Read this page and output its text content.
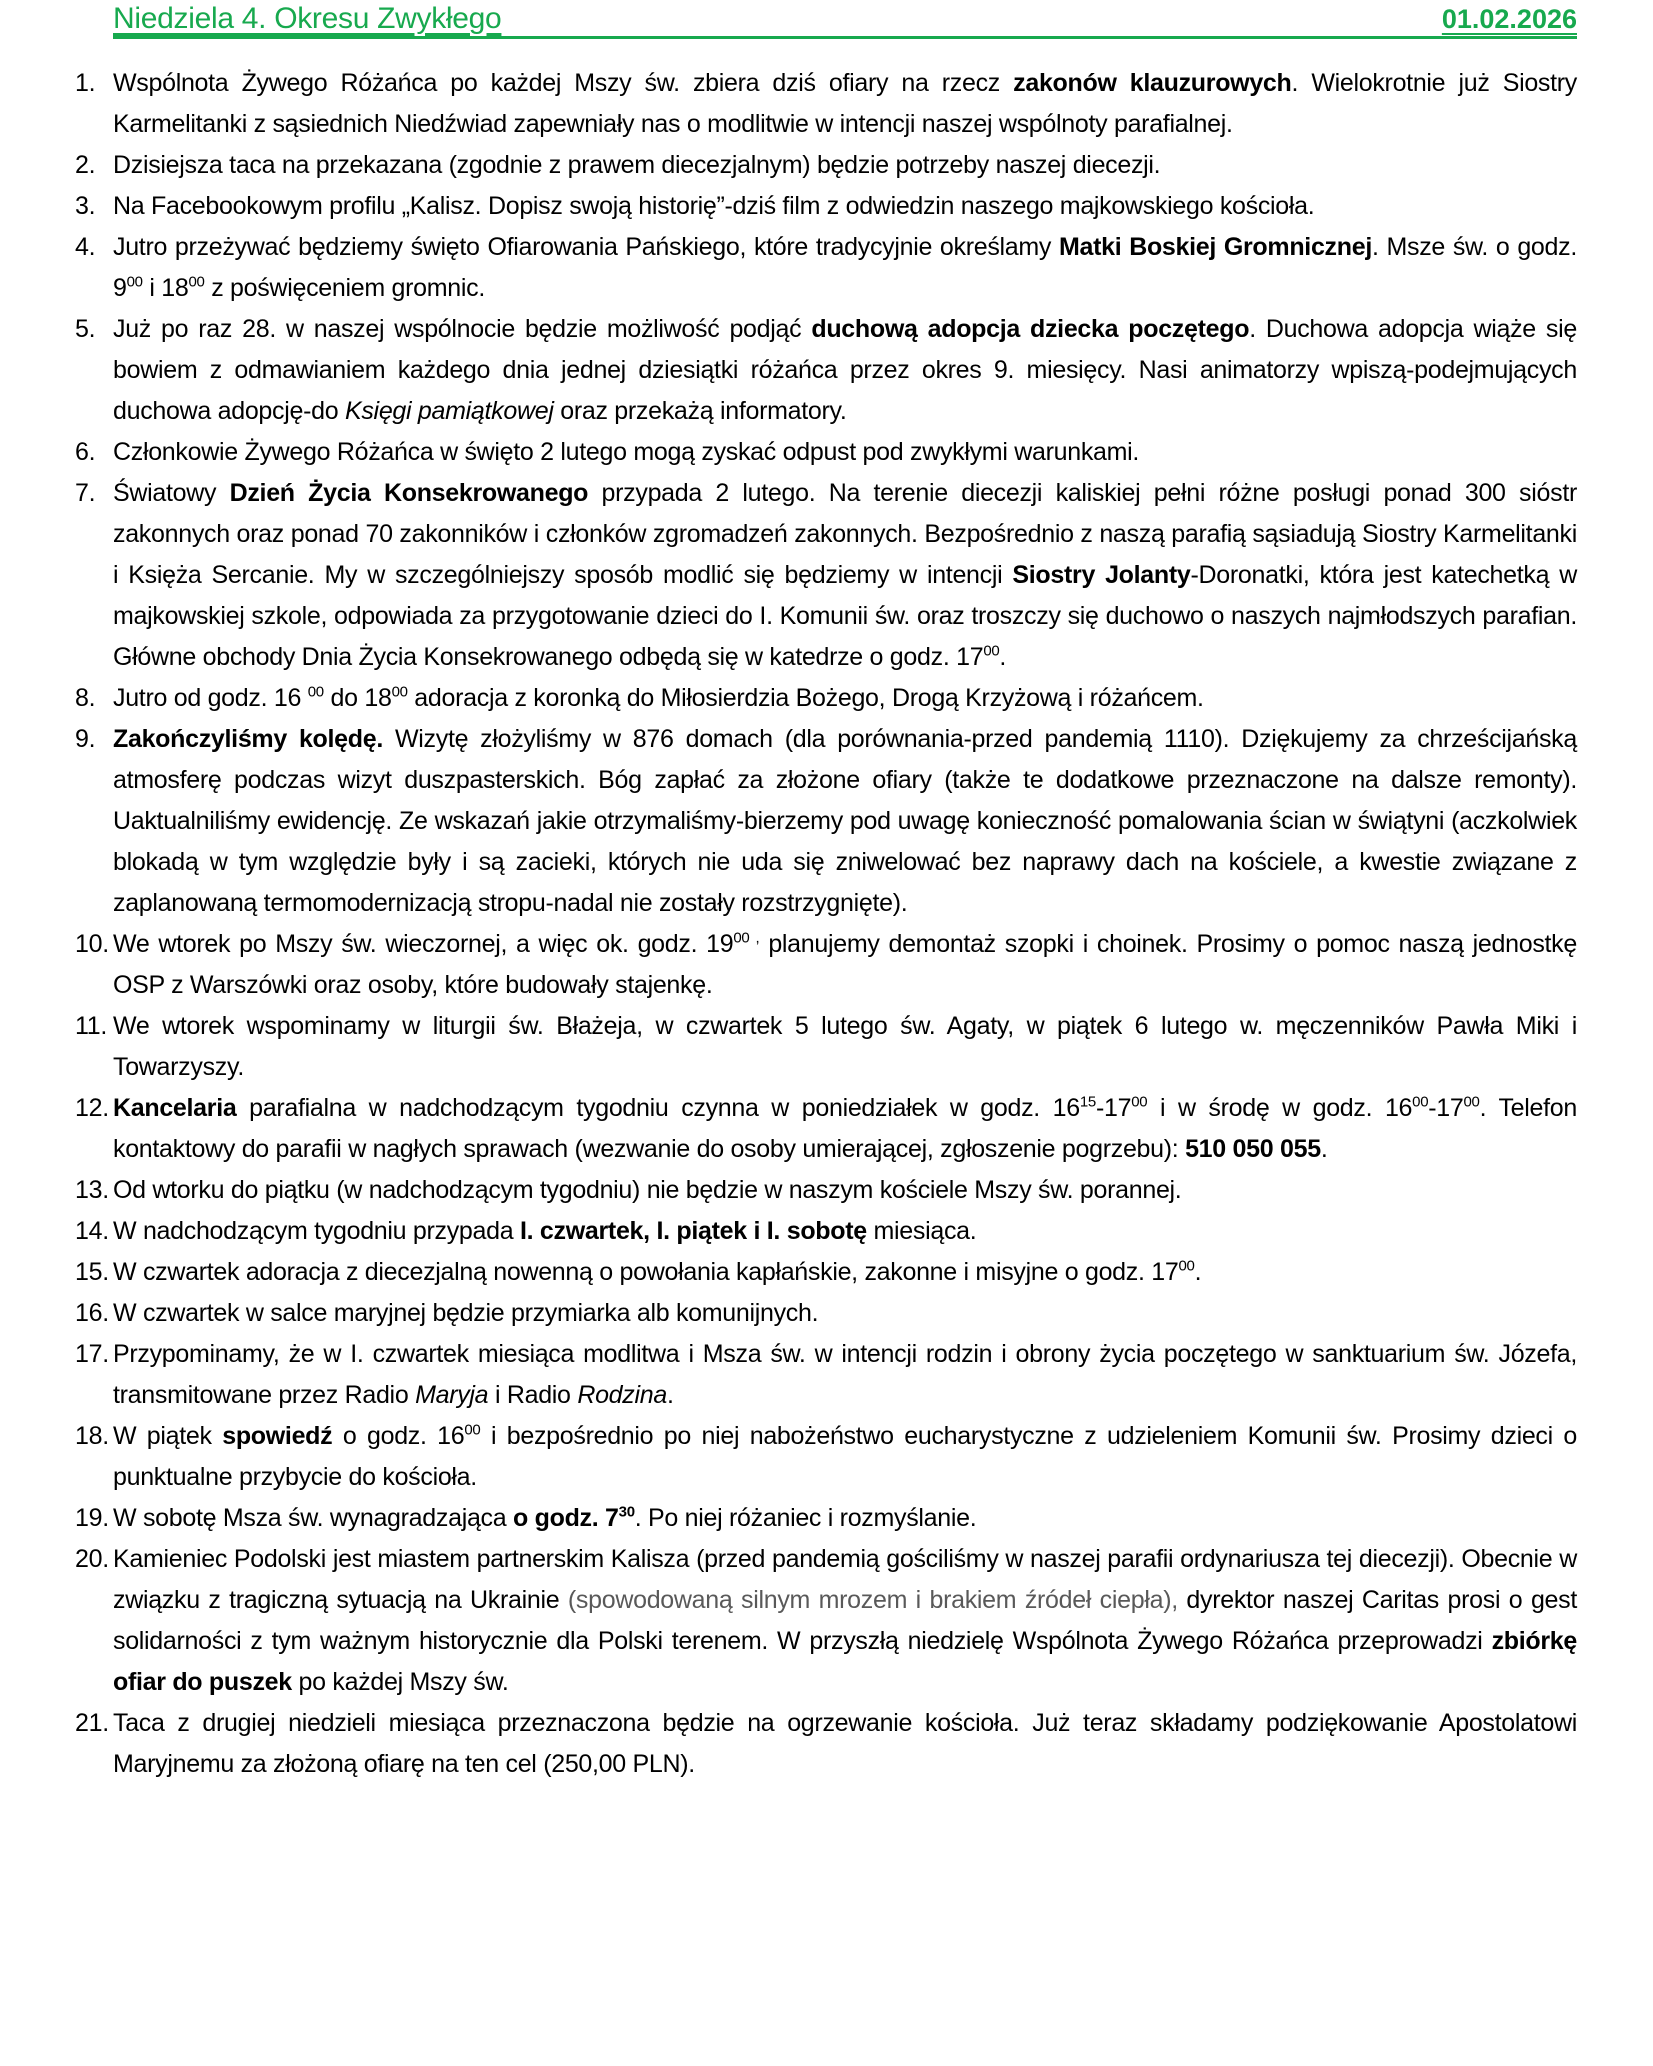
Niedziela 4. Okresu Zwykłego	01.02.2026
1. Wspólnota Żywego Różańca po każdej Mszy św. zbiera dziś ofiary na rzecz zakonów klauzurowych. Wielokrotnie już Siostry Karmelitanki z sąsiednich Niedźwiad zapewniały nas o modlitwie w intencji naszej wspólnoty parafialnej.
2. Dzisiejsza taca na przekazana (zgodnie z prawem diecezjalnym) będzie potrzeby naszej diecezji.
3. Na Facebookowym profilu „Kalisz. Dopisz swoją historię”-dziś film z odwiedzin naszego majkowskiego kościoła.
4. Jutro przeżywać będziemy święto Ofiarowania Pańskiego, które tradycyjnie określamy Matki Boskiej Gromnicznej. Msze św. o godz. $9^{00}$ i $18^{00}$ z poświęceniem gromnic.
5. Już po raz 28. w naszej wspólnocie będzie możliwość podjąć duchową adopcja dziecka poczętego. Duchowa adopcja wiąże się bowiem z odmawianiem każdego dnia jednej dziesiątki różańca przez okres 9. miesięcy. Nasi animatorzy wpiszą-podejmujących duchowa adopcję-do Księgi pamiątkowej oraz przekażą informatory.
6. Członkowie Żywego Różańca w święto 2 lutego mogą zyskać odpust pod zwykłymi warunkami.
7. Światowy Dzień Życia Konsekrowanego przypada 2 lutego. Na terenie diecezji kaliskiej pełni różne posługi ponad 300 sióstr zakonnych oraz ponad 70 zakonników i członków zgromadzeń zakonnych. Bezpośrednio z naszą parafią sąsiadują Siostry Karmelitanki i Księża Sercanie. My w szczególniejszy sposób modlić się będziemy w intencji Siostry Jolanty-Doronatki, która jest katechetką w majkowskiej szkole, odpowiada za przygotowanie dzieci do I. Komunii św. oraz troszczy się duchowo o naszych najmłodszych parafian. Główne obchody Dnia Życia Konsekrowanego odbędą się w katedrze o godz. $17^{00}$.
8. Jutro od godz. 16 $^{00}$ do $18^{00}$ adoracja z koronką do Miłosierdzia Bożego, Drogą Krzyżową i różańcem.
9. Zakończyliśmy kolędę. Wizytę złożyliśmy w 876 domach (dla porównania-przed pandemią 1110). Dziękujemy za chrześcijańską atmosferę podczas wizyt duszpasterskich. Bóg zapłać za złożone ofiary (także te dodatkowe przeznaczone na dalsze remonty). Uaktualniliśmy ewidencję. Ze wskazań jakie otrzymaliśmy-bierzemy pod uwagę konieczność pomalowania ścian w świątyni (aczkolwiek blokadą w tym względzie były i są zacieki, których nie uda się zniwelować bez naprawy dach na kościele, a kwestie związane z zaplanowaną termomodernizacją stropu-nadal nie zostały rozstrzygnięte).
10. We wtorek po Mszy św. wieczornej, a więc ok. godz. $19^{00 ,}$ planujemy demontaż szopki i choinek. Prosimy o pomoc naszą jednostkę OSP z Warszówki oraz osoby, które budowały stajenkę.
11. We wtorek wspominamy w liturgii św. Błażeja, w czwartek 5 lutego św. Agaty, w piątek 6 lutego w. męczenników Pawła Miki i Towarzyszy.
12. Kancelaria parafialna w nadchodzącym tygodniu czynna w poniedziałek w godz. $16^{15}-17^{00}$ i w środę w godz. $16^{00}-17^{00}$. Telefon kontaktowy do parafii w nagłych sprawach (wezwanie do osoby umierającej, zgłoszenie pogrzebu): 510 050 055.
13. Od wtorku do piątku (w nadchodzącym tygodniu) nie będzie w naszym kościele Mszy św. porannej.
14. W nadchodzącym tygodniu przypada I. czwartek, I. piątek i I. sobotę miesiąca.
15. W czwartek adoracja z diecezjalną nowenną o powołania kapłańskie, zakonne i misyjne o godz. $17^{00}$.
16. W czwartek w salce maryjnej będzie przymiarka alb komunijnych.
17. Przypominamy, że w I. czwartek miesiąca modlitwa i Msza św. w intencji rodzin i obrony życia poczętego w sanktuarium św. Józefa, transmitowane przez Radio Maryja i Radio Rodzina.
18. W piątek spowiedź o godz. $16^{00}$ i bezpośrednio po niej nabożeństwo eucharystyczne z udzieleniem Komunii św. Prosimy dzieci o punktualne przybycie do kościoła.
19. W sobotę Msza św. wynagradzająca o godz. $7^{30}$. Po niej różaniec i rozmyślanie.
20. Kamieniec Podolski jest miastem partnerskim Kalisza (przed pandemią gościliśmy w naszej parafii ordynariusza tej diecezji). Obecnie w związku z tragiczną sytuacją na Ukrainie (spowodowaną silnym mrozem i brakiem źródeł ciepła), dyrektor naszej Caritas prosi o gest solidarności z tym ważnym historycznie dla Polski terenem. W przyszłą niedzielę Wspólnota Żywego Różańca przeprowadzi zbiórkę ofiar do puszek po każdej Mszy św.
21. Taca z drugiej niedzieli miesiąca przeznaczona będzie na ogrzewanie kościoła. Już teraz składamy podziękowanie Apostolatowi Maryjnemu za złożoną ofiarę na ten cel (250,00 PLN).
